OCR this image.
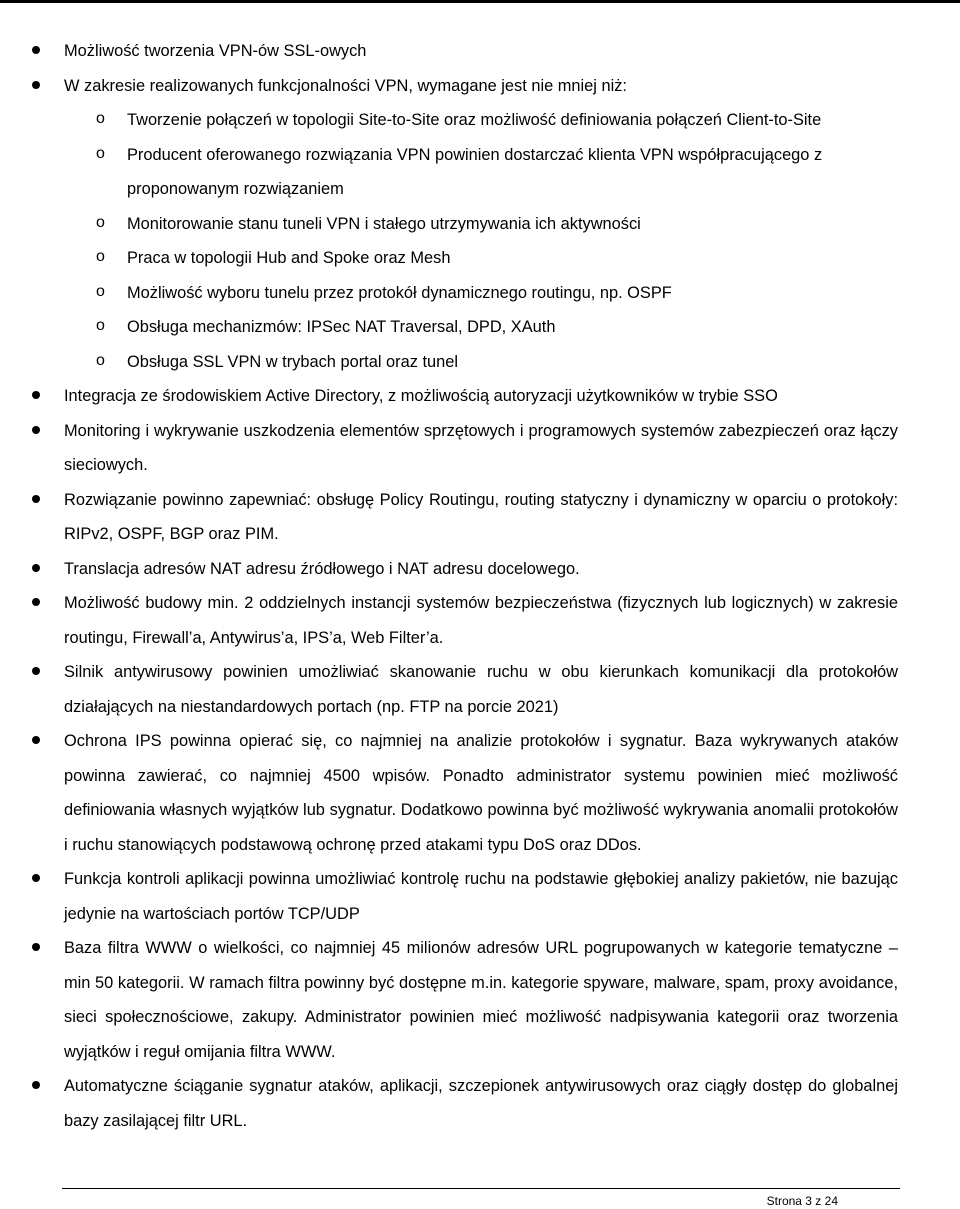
Możliwość tworzenia VPN-ów SSL-owych

W zakresie realizowanych funkcjonalności VPN, wymagane jest nie mniej niż:

o Tworzenie połączeń w topologii Site-to-Site oraz możliwość definiowania połączeń Client-to-Site

o Producent oferowanego rozwiązania VPN powinien dostarczać klienta VPN współpracującego z proponowanym rozwiązaniem

o Monitorowanie stanu tuneli VPN i stałego utrzymywania ich aktywności

o Praca w topologii Hub and Spoke oraz Mesh

o Możliwość wyboru tunelu przez protokół dynamicznego routingu, np. OSPF

o Obsługa mechanizmów: IPSec NAT Traversal, DPD, XAuth

o Obsługa SSL VPN w trybach portal oraz tunel

Integracja ze środowiskiem Active Directory, z możliwością autoryzacji użytkowników w trybie SSO

Monitoring i wykrywanie uszkodzenia elementów sprzętowych i programowych systemów zabezpieczeń oraz łączy sieciowych.

Rozwiązanie powinno zapewniać: obsługę Policy Routingu, routing statyczny i dynamiczny w oparciu o protokoły: RIPv2, OSPF, BGP oraz PIM.

Translacja adresów NAT adresu źródłowego i NAT adresu docelowego.

Możliwość budowy min. 2 oddzielnych instancji systemów bezpieczeństwa (fizycznych lub logicznych) w zakresie routingu, Firewall’a, Antywirus’a, IPS’a, Web Filter’a.

Silnik antywirusowy powinien umożliwiać skanowanie ruchu w obu kierunkach komunikacji dla protokołów działających na niestandardowych portach (np. FTP na porcie 2021)

Ochrona IPS powinna opierać się, co najmniej na analizie protokołów i sygnatur. Baza wykrywanych ataków powinna zawierać, co najmniej 4500 wpisów. Ponadto administrator systemu powinien mieć możliwość definiowania własnych wyjątków lub sygnatur. Dodatkowo powinna być możliwość wykrywania anomalii protokołów i ruchu stanowiących podstawową ochronę przed atakami typu DoS oraz DDos.

Funkcja kontroli aplikacji powinna umożliwiać kontrolę ruchu na podstawie głębokiej analizy pakietów, nie bazując jedynie na wartościach portów TCP/UDP

Baza filtra WWW o wielkości, co najmniej 45 milionów adresów URL pogrupowanych w kategorie tematyczne – min 50 kategorii. W ramach filtra powinny być dostępne m.in. kategorie spyware, malware, spam, proxy avoidance, sieci społecznościowe, zakupy. Administrator powinien mieć możliwość nadpisywania kategorii oraz tworzenia wyjątków i reguł omijania filtra WWW.

Automatyczne ściąganie sygnatur ataków, aplikacji, szczepionek antywirusowych oraz ciągły dostęp do globalnej bazy zasilającej filtr URL.

Strona 3 z 24
